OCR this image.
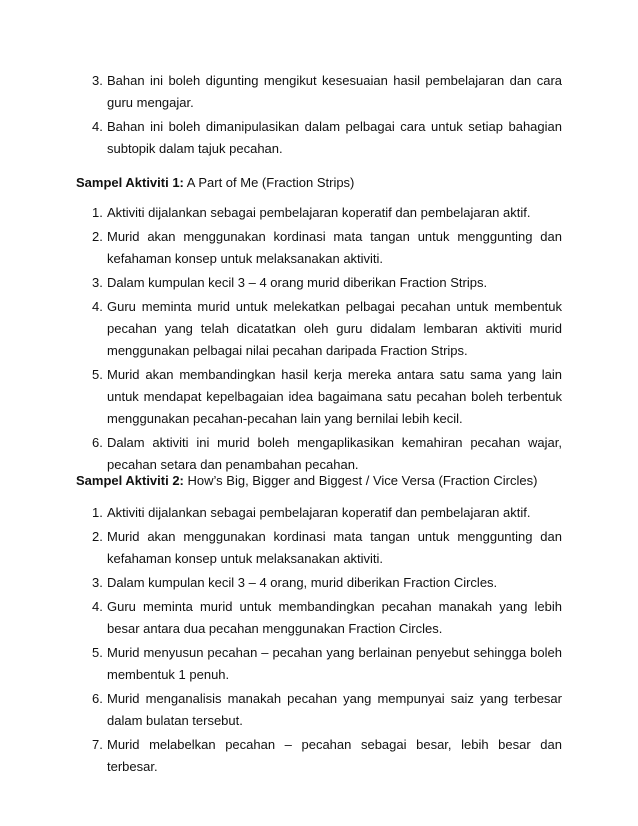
3. Bahan ini boleh digunting mengikut kesesuaian hasil pembelajaran dan cara guru mengajar.
4. Bahan ini boleh dimanipulasikan dalam pelbagai cara untuk setiap bahagian subtopik dalam tajuk pecahan.
Sampel Aktiviti 1: A Part of Me (Fraction Strips)
1. Aktiviti dijalankan sebagai pembelajaran koperatif dan pembelajaran aktif.
2. Murid akan menggunakan kordinasi mata tangan untuk menggunting dan kefahaman konsep untuk melaksanakan aktiviti.
3. Dalam kumpulan kecil 3 – 4 orang murid diberikan Fraction Strips.
4. Guru meminta murid untuk melekatkan pelbagai pecahan untuk membentuk pecahan yang telah dicatatkan oleh guru didalam lembaran aktiviti murid menggunakan pelbagai nilai pecahan daripada Fraction Strips.
5. Murid akan membandingkan hasil kerja mereka antara satu sama yang lain untuk mendapat kepelbagaian idea bagaimana satu pecahan boleh terbentuk menggunakan pecahan-pecahan lain yang bernilai lebih kecil.
6. Dalam aktiviti ini murid boleh mengaplikasikan kemahiran pecahan wajar, pecahan setara dan penambahan pecahan.
Sampel Aktiviti 2: How’s Big, Bigger and Biggest / Vice Versa (Fraction Circles)
1. Aktiviti dijalankan sebagai pembelajaran koperatif dan pembelajaran aktif.
2. Murid akan menggunakan kordinasi mata tangan untuk menggunting dan kefahaman konsep untuk melaksanakan aktiviti.
3. Dalam kumpulan kecil 3 – 4 orang, murid diberikan Fraction Circles.
4. Guru meminta murid untuk membandingkan pecahan manakah yang lebih besar antara dua pecahan menggunakan Fraction Circles.
5. Murid menyusun pecahan – pecahan yang berlainan penyebut sehingga boleh membentuk 1 penuh.
6. Murid menganalisis manakah pecahan yang mempunyai saiz yang terbesar dalam bulatan tersebut.
7. Murid melabelkan pecahan – pecahan sebagai besar, lebih besar dan terbesar.
